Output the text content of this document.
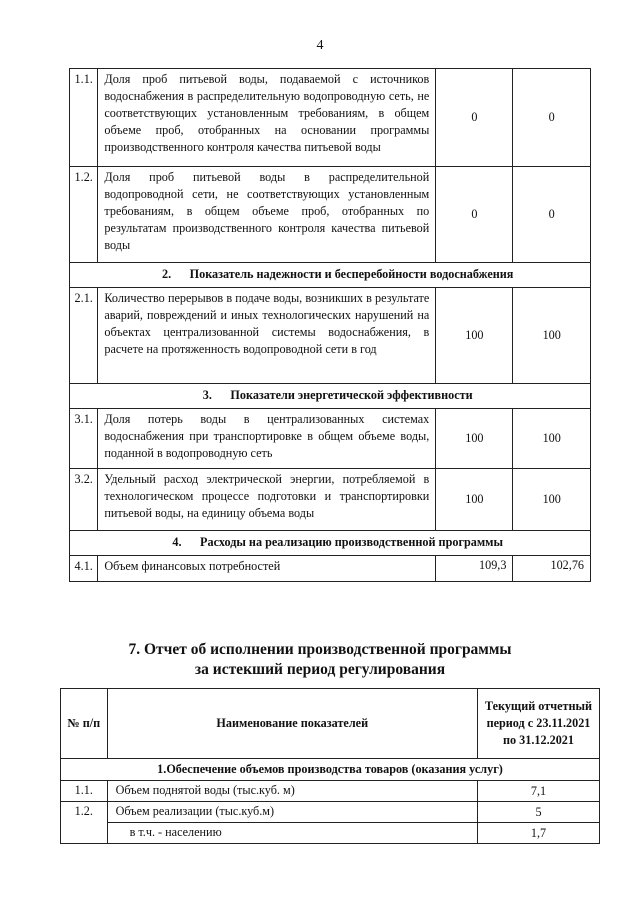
4
1.1.	Доля проб питьевой воды, подаваемой с источников водоснабжения в распределительную водопроводную сеть, не соответствующих установленным требованиям, в общем объеме проб, отобранных на основании программы производственного контроля качества питьевой воды	0	0
1.2.	Доля проб питьевой воды в распределительной водопроводной сети, не соответствующих установленным требованиям, в общем объеме проб, отобранных по результатам производственного контроля качества питьевой воды	0	0
2. Показатель надежности и бесперебойности водоснабжения			
2.1.	Количество перерывов в подаче воды, возникших в результате аварий, повреждений и иных технологических нарушений на объектах централизованной системы водоснабжения, в расчете на протяженность водопроводной сети в год	100	100
3. Показатели энергетической эффективности			
3.1.	Доля потерь воды в централизованных системах водоснабжения при транспортировке в общем объеме воды, поданной в водопроводную сеть	100	100
3.2.	Удельный расход электрической энергии, потребляемой в технологическом процессе подготовки и транспортировки питьевой воды, на единицу объема воды	100	100
4. Расходы на реализацию производственной программы			
4.1.	Объем финансовых потребностей	109,3	102,76
7. Отчет об исполнении производственной программы
за истекший период регулирования
№ п/п	Наименование показателей	Текущий отчетный период с 23.11.2021 по 31.12.2021
1.Обеспечение объемов производства товаров (оказания услуг)		
1.1.	Объем поднятой воды (тыс.куб. м)	7,1
1.2.	Объем реализации (тыс.куб.м)	5
	в т.ч. - населению	1,7
